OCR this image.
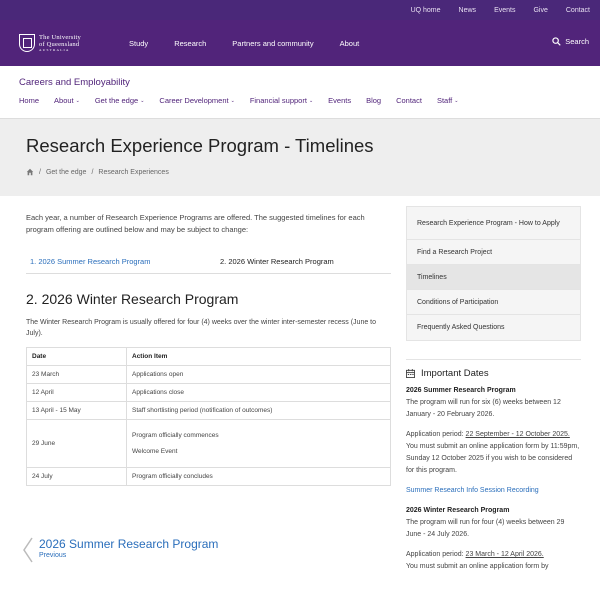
UQ home	News	Events	Give	Contact
The University
of Queensland
AUSTRALIA
Study	Research	Partners and community	About	Search
Careers and Employability
Home About ⌄ Get the edge ⌄ Career Development ⌄ Financial support ⌄ Events Blog Contact Staff ⌄
Research Experience Program - Timelines
/ Get the edge / Research Experiences

Each year, a number of Research Experience Programs are offered. The suggested timelines for each program offering are outlined below and may be subject to change:

1. 2026 Summer Research Program	2. 2026 Winter Research Program
2. 2026 Winter Research Program

The Winter Research Program is usually offered for four (4) weeks over the winter inter-semester recess (June to July).

Date	Action Item
23 March	Applications open
12 April	Applications close
13 April - 15 May	Staff shortlisting period (notification of outcomes)
29 June	Program officially commences

Welcome Event

24 July	Program officially concludes
2026 Summer Research Program
Previous
Research Experience Program - How to Apply
Find a Research Project
Timelines
Conditions of Participation
Frequently Asked Questions
Important Dates

2026 Summer Research Program

The program will run for six (6) weeks between 12 January - 20 February 2026.

Application period: 22 September - 12 October 2025.

You must submit an online application form by 11:59pm, Sunday 12 October 2025 if you wish to be considered for this program.

Summer Research Info Session Recording

2026 Winter Research Program

The program will run for four (4) weeks between 29 June - 24 July 2026.

Application period: 23 March - 12 April 2026.

You must submit an online application form by
